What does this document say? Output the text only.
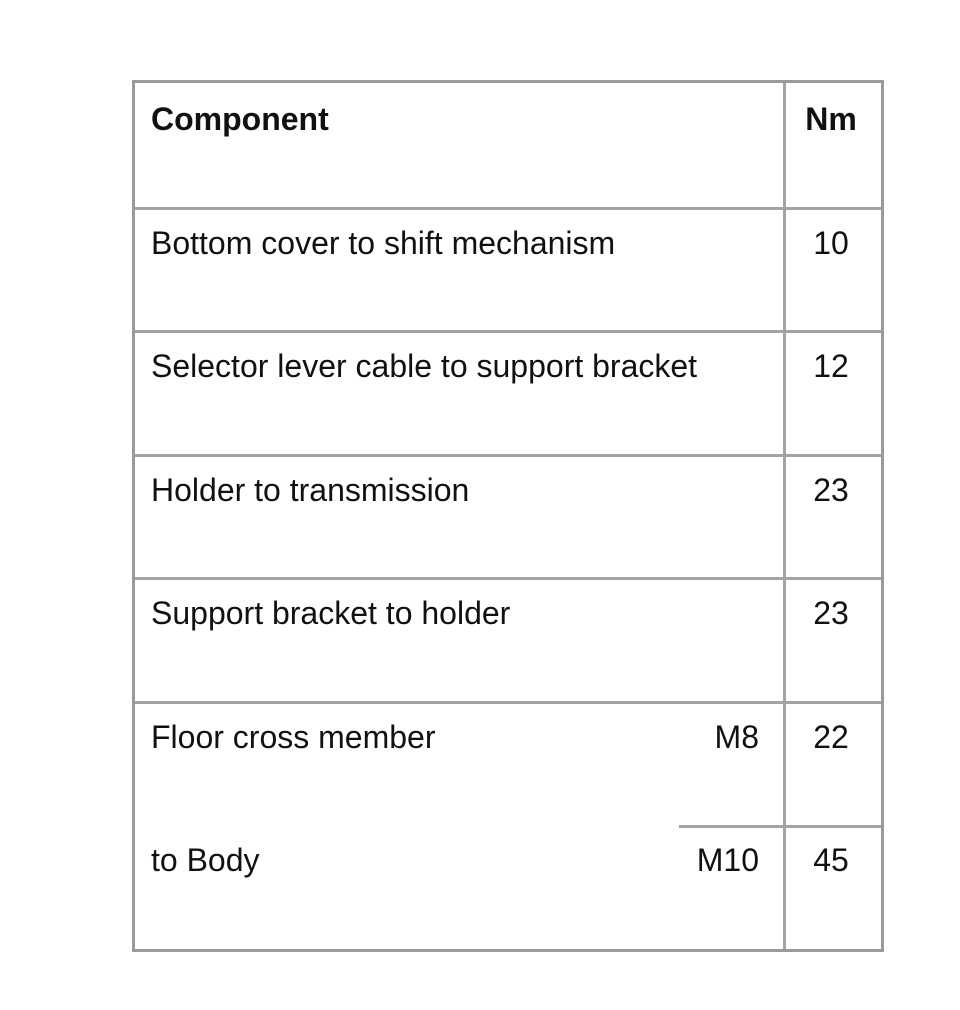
Component	Nm
Bottom cover to shift mechanism	10
Selector lever cable to support bracket	12
Holder to transmission	23
Support bracket to holder	23
Floor cross member	M8	22
to Body	M10	45
